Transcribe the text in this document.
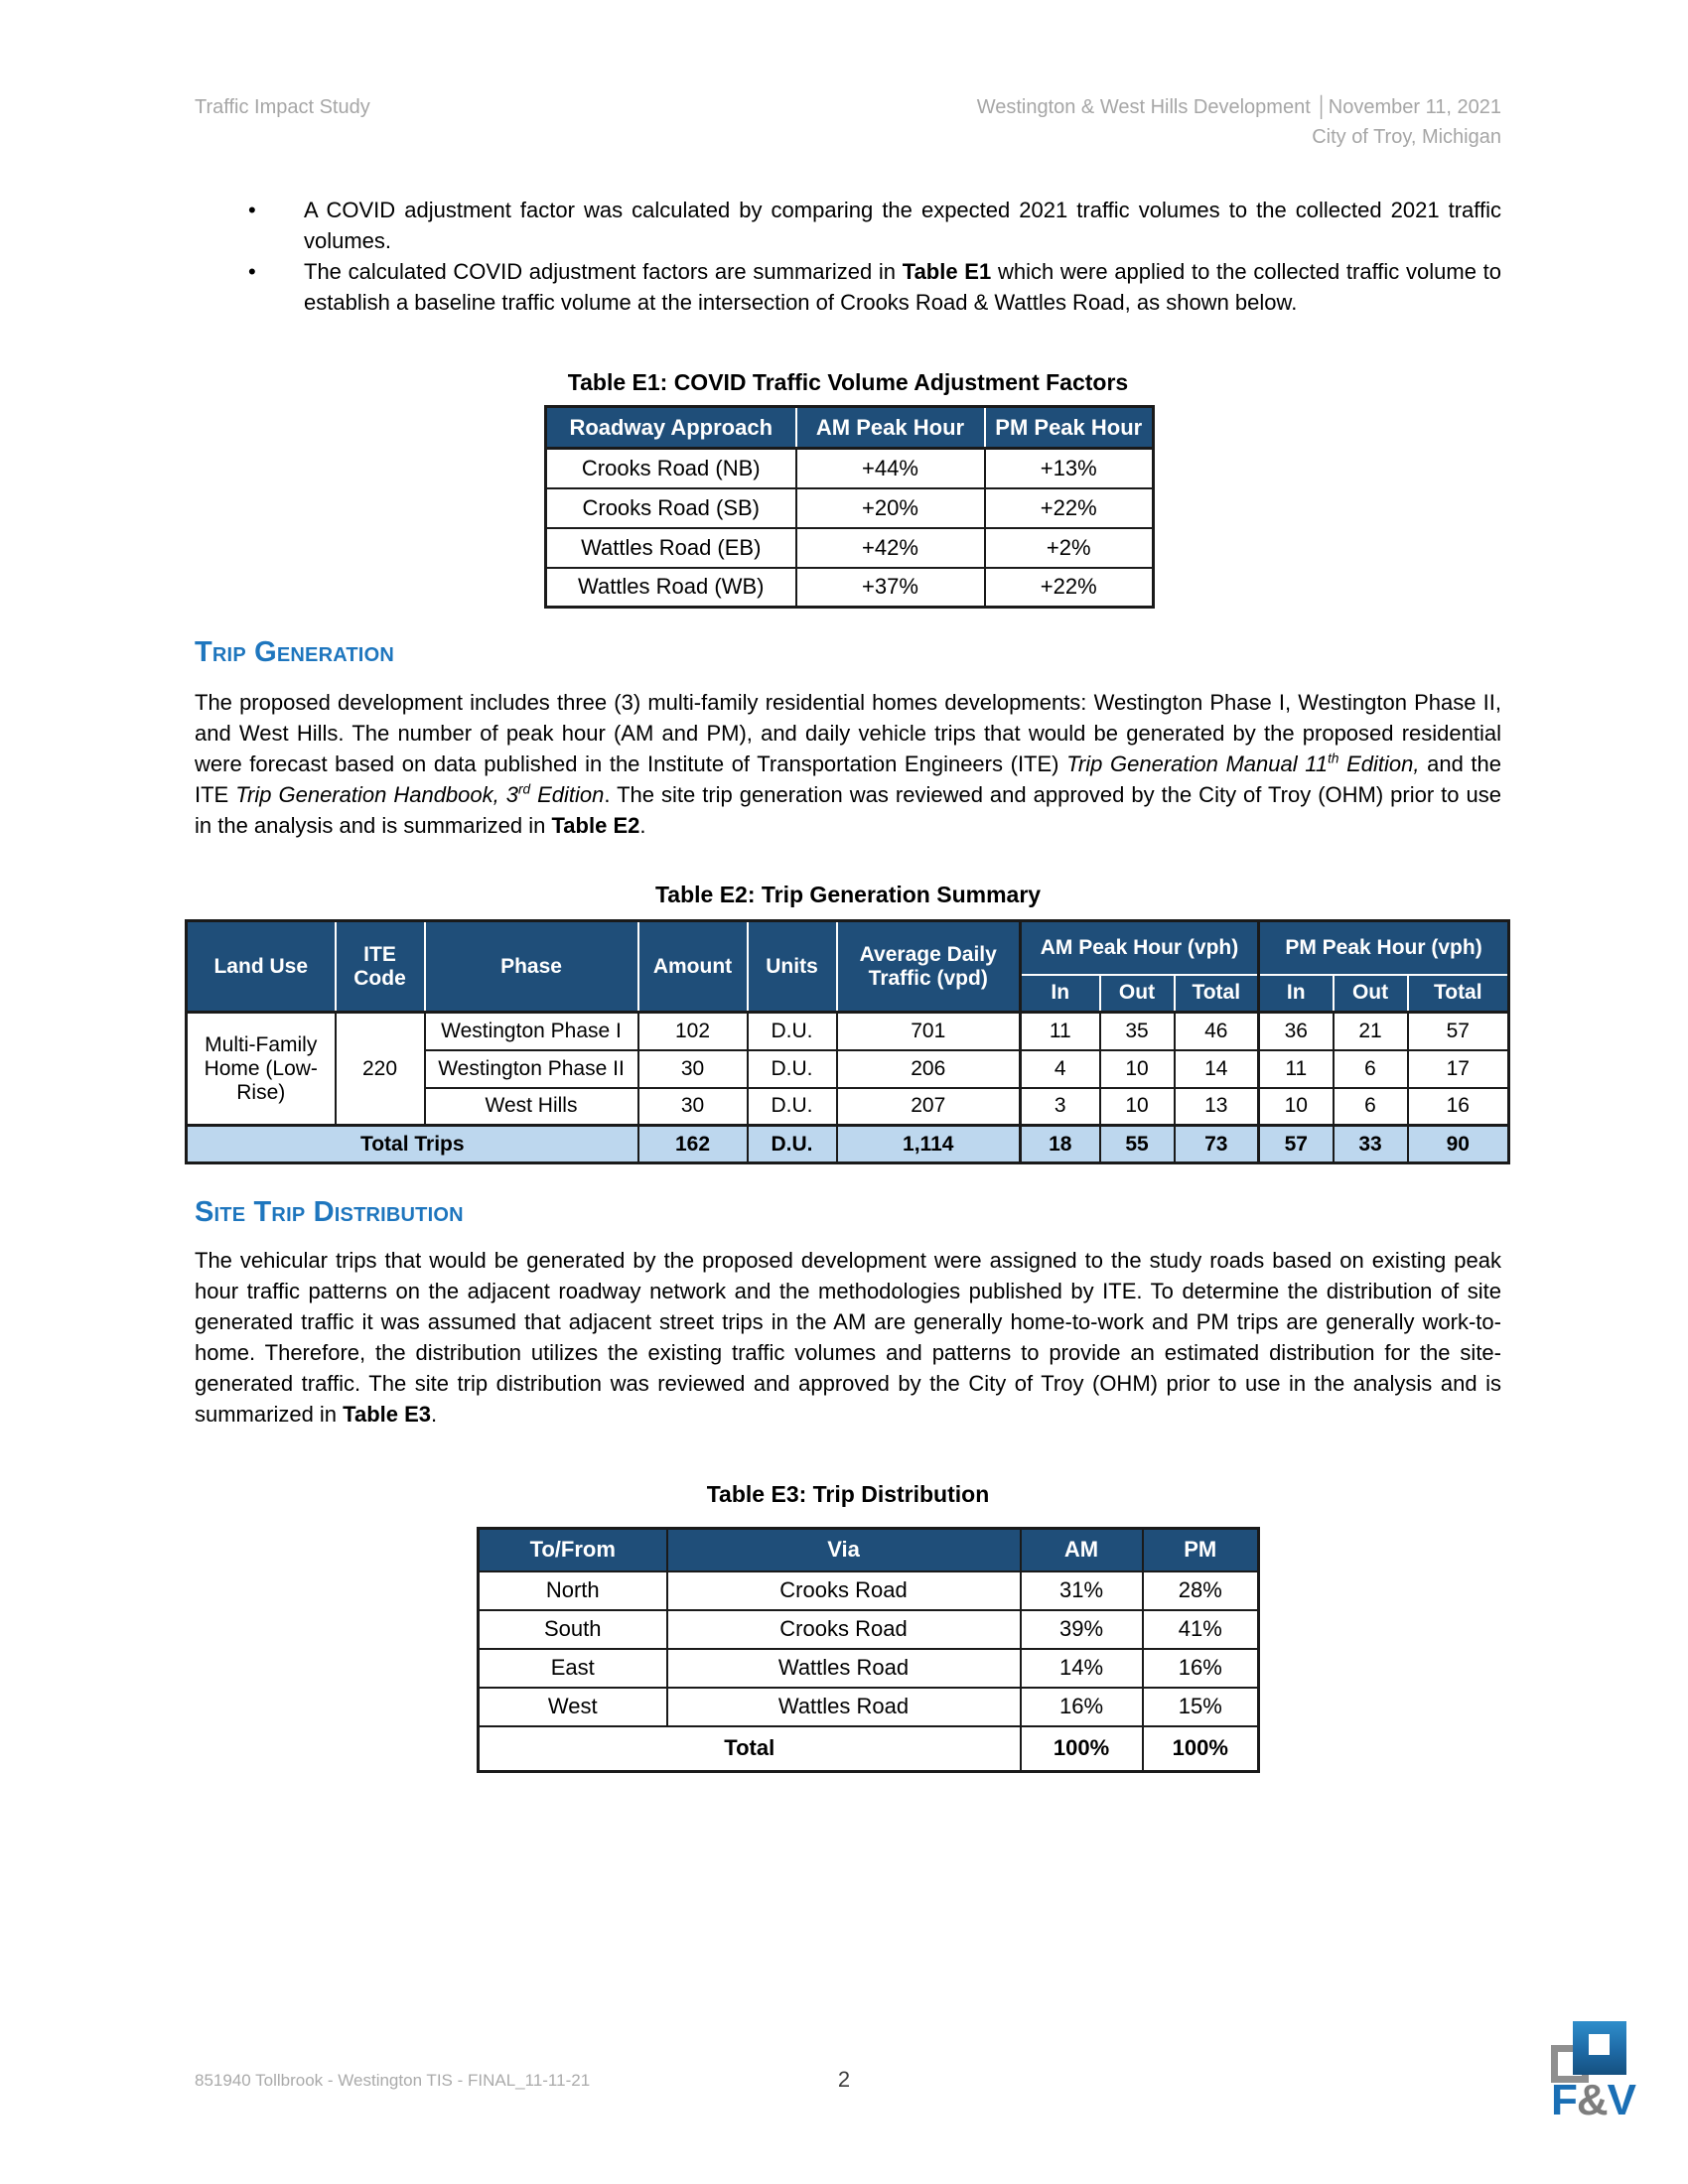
Traffic Impact Study	Westington & West Hills Development │November 11, 2021
City of Troy, Michigan
• A COVID adjustment factor was calculated by comparing the expected 2021 traffic volumes to the collected 2021 traffic volumes.
• The calculated COVID adjustment factors are summarized in Table E1 which were applied to the collected traffic volume to establish a baseline traffic volume at the intersection of Crooks Road & Wattles Road, as shown below.
Table E1: COVID Traffic Volume Adjustment Factors
Roadway Approach	AM Peak Hour	PM Peak Hour
Crooks Road (NB)	+44%	+13%
Crooks Road (SB)	+20%	+22%
Wattles Road (EB)	+42%	+2%
Wattles Road (WB)	+37%	+22%
Trip Generation
The proposed development includes three (3) multi-family residential homes developments: Westington Phase I, Westington Phase II, and West Hills. The number of peak hour (AM and PM), and daily vehicle trips that would be generated by the proposed residential were forecast based on data published in the Institute of Transportation Engineers (ITE) Trip Generation Manual 11th Edition, and the ITE Trip Generation Handbook, 3rd Edition. The site trip generation was reviewed and approved by the City of Troy (OHM) prior to use in the analysis and is summarized in Table E2.
Table E2: Trip Generation Summary
Land Use	ITE Code	Phase	Amount	Units	Average Daily Traffic (vpd)	AM Peak Hour (vph)			PM Peak Hour (vph)		
						In	Out	Total	In	Out	Total
Multi-Family Home (Low-Rise)	220	Westington Phase I	102	D.U.	701	11	35	46	36	21	57
		Westington Phase II	30	D.U.	206	4	10	14	11	6	17
		West Hills	30	D.U.	207	3	10	13	10	6	16
Total Trips			162	D.U.	1,114	18	55	73	57	33	90
Site Trip Distribution
The vehicular trips that would be generated by the proposed development were assigned to the study roads based on existing peak hour traffic patterns on the adjacent roadway network and the methodologies published by ITE. To determine the distribution of site generated traffic it was assumed that adjacent street trips in the AM are generally home-to-work and PM trips are generally work-to-home. Therefore, the distribution utilizes the existing traffic volumes and patterns to provide an estimated distribution for the site-generated traffic. The site trip distribution was reviewed and approved by the City of Troy (OHM) prior to use in the analysis and is summarized in Table E3.
Table E3: Trip Distribution
To/From	Via	AM	PM
North	Crooks Road	31%	28%
South	Crooks Road	39%	41%
East	Wattles Road	14%	16%
West	Wattles Road	16%	15%
Total		100%	100%
851940 Tollbrook - Westington TIS - FINAL_11-11-21	2	F&V
